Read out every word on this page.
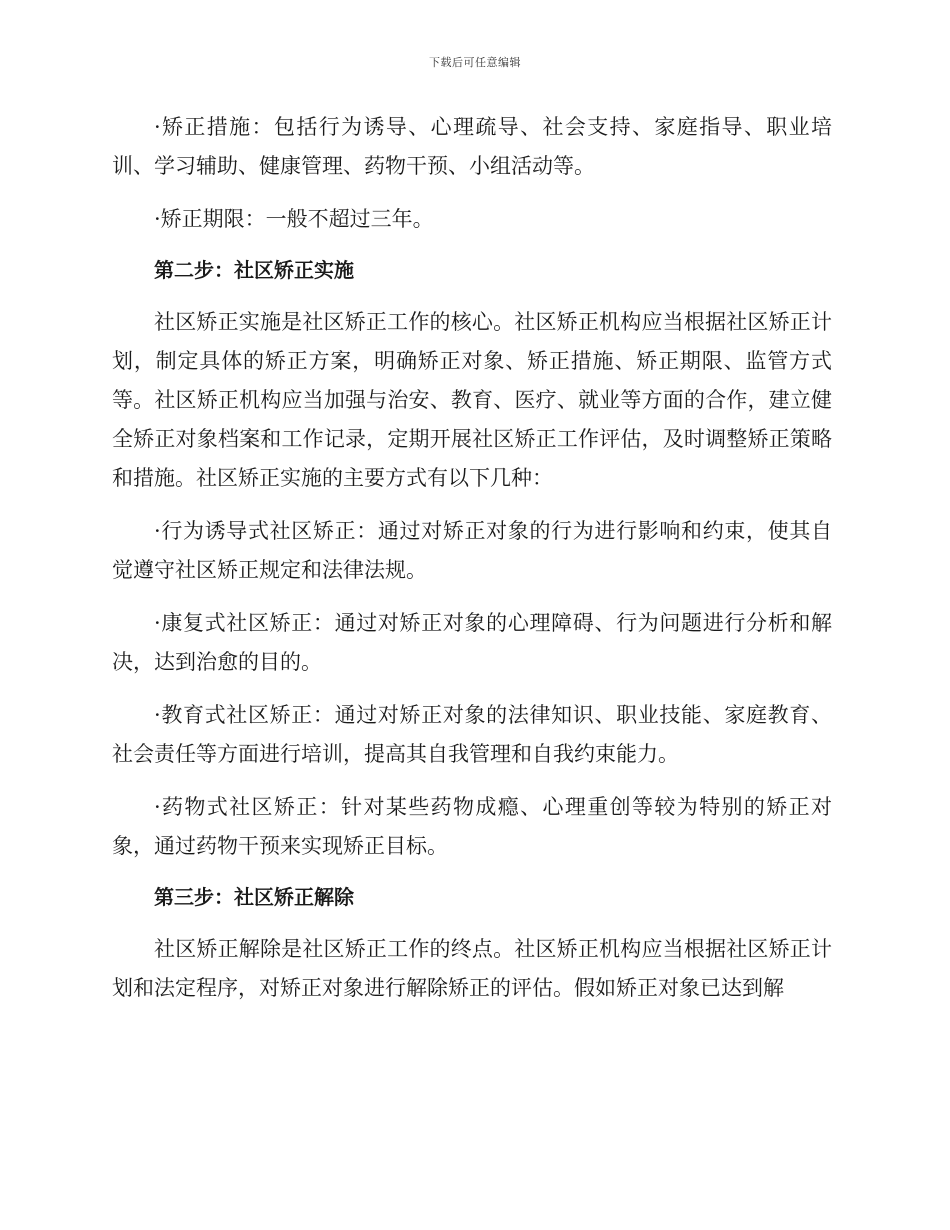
下载后可任意编辑

·矫正措施：包括行为诱导、心理疏导、社会支持、家庭指导、职业培训、学习辅助、健康管理、药物干预、小组活动等。

·矫正期限：一般不超过三年。

第二步：社区矫正实施

社区矫正实施是社区矫正工作的核心。社区矫正机构应当根据社区矫正计划，制定具体的矫正方案，明确矫正对象、矫正措施、矫正期限、监管方式等。社区矫正机构应当加强与治安、教育、医疗、就业等方面的合作，建立健全矫正对象档案和工作记录，定期开展社区矫正工作评估，及时调整矫正策略和措施。社区矫正实施的主要方式有以下几种：

·行为诱导式社区矫正：通过对矫正对象的行为进行影响和约束，使其自觉遵守社区矫正规定和法律法规。

·康复式社区矫正：通过对矫正对象的心理障碍、行为问题进行分析和解决，达到治愈的目的。

·教育式社区矫正：通过对矫正对象的法律知识、职业技能、家庭教育、社会责任等方面进行培训，提高其自我管理和自我约束能力。

·药物式社区矫正：针对某些药物成瘾、心理重创等较为特别的矫正对象，通过药物干预来实现矫正目标。

第三步：社区矫正解除

社区矫正解除是社区矫正工作的终点。社区矫正机构应当根据社区矫正计划和法定程序，对矫正对象进行解除矫正的评估。假如矫正对象已达到解
